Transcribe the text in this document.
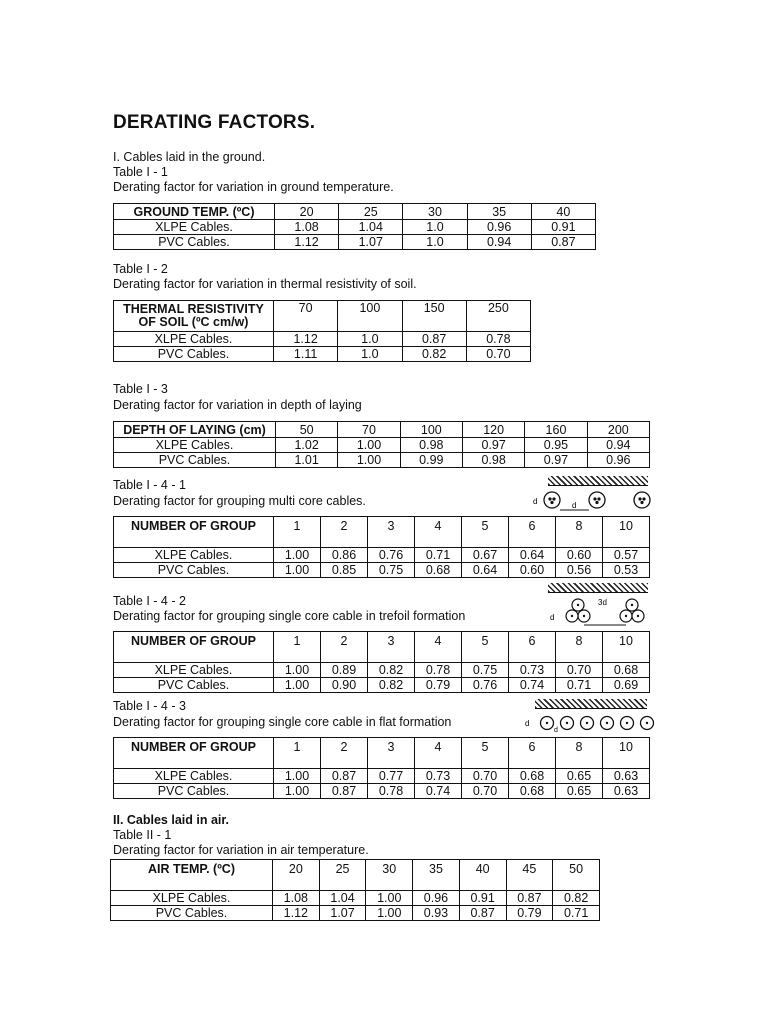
DERATING FACTORS.
I. Cables laid in the ground.
Table I - 1
Derating factor for variation in ground temperature.
GROUND TEMP. (ºC)	20	25	30	35	40
XLPE Cables.	1.08	1.04	1.0	0.96	0.91
PVC Cables.	1.12	1.07	1.0	0.94	0.87
Table I - 2
Derating factor for variation in thermal resistivity of soil.
THERMAL RESISTIVITY OF SOIL (ºC cm/w)	70	100	150	250
XLPE Cables.	1.12	1.0	0.87	0.78
PVC Cables.	1.11	1.0	0.82	0.70
Table I - 3
Derating factor for variation in depth of laying
DEPTH OF LAYING (cm)	50	70	100	120	160	200
XLPE Cables.	1.02	1.00	0.98	0.97	0.95	0.94
PVC Cables.	1.01	1.00	0.99	0.98	0.97	0.96
Table I - 4 - 1
Derating factor for grouping multi core cables.	d	d
NUMBER OF GROUP	1	2	3	4	5	6	8	10
XLPE Cables.	1.00	0.86	0.76	0.71	0.67	0.64	0.60	0.57
PVC Cables.	1.00	0.85	0.75	0.68	0.64	0.60	0.56	0.53
Table I - 4 - 2
Derating factor for grouping single core cable in trefoil formation	d
3d
NUMBER OF GROUP	1	2	3	4	5	6	8	10
XLPE Cables.	1.00	0.89	0.82	0.78	0.75	0.73	0.70	0.68
PVC Cables.	1.00	0.90	0.82	0.79	0.76	0.74	0.71	0.69
Table I - 4 - 3
Derating factor for grouping single core cable in flat formation	d
d
NUMBER OF GROUP	1	2	3	4	5	6	8	10
XLPE Cables.	1.00	0.87	0.77	0.73	0.70	0.68	0.65	0.63
PVC Cables.	1.00	0.87	0.78	0.74	0.70	0.68	0.65	0.63
II. Cables laid in air.
Table II - 1
Derating factor for variation in air temperature.
AIR TEMP. (ºC)	20	25	30	35	40	45	50
XLPE Cables.	1.08	1.04	1.00	0.96	0.91	0.87	0.82
PVC Cables.	1.12	1.07	1.00	0.93	0.87	0.79	0.71
